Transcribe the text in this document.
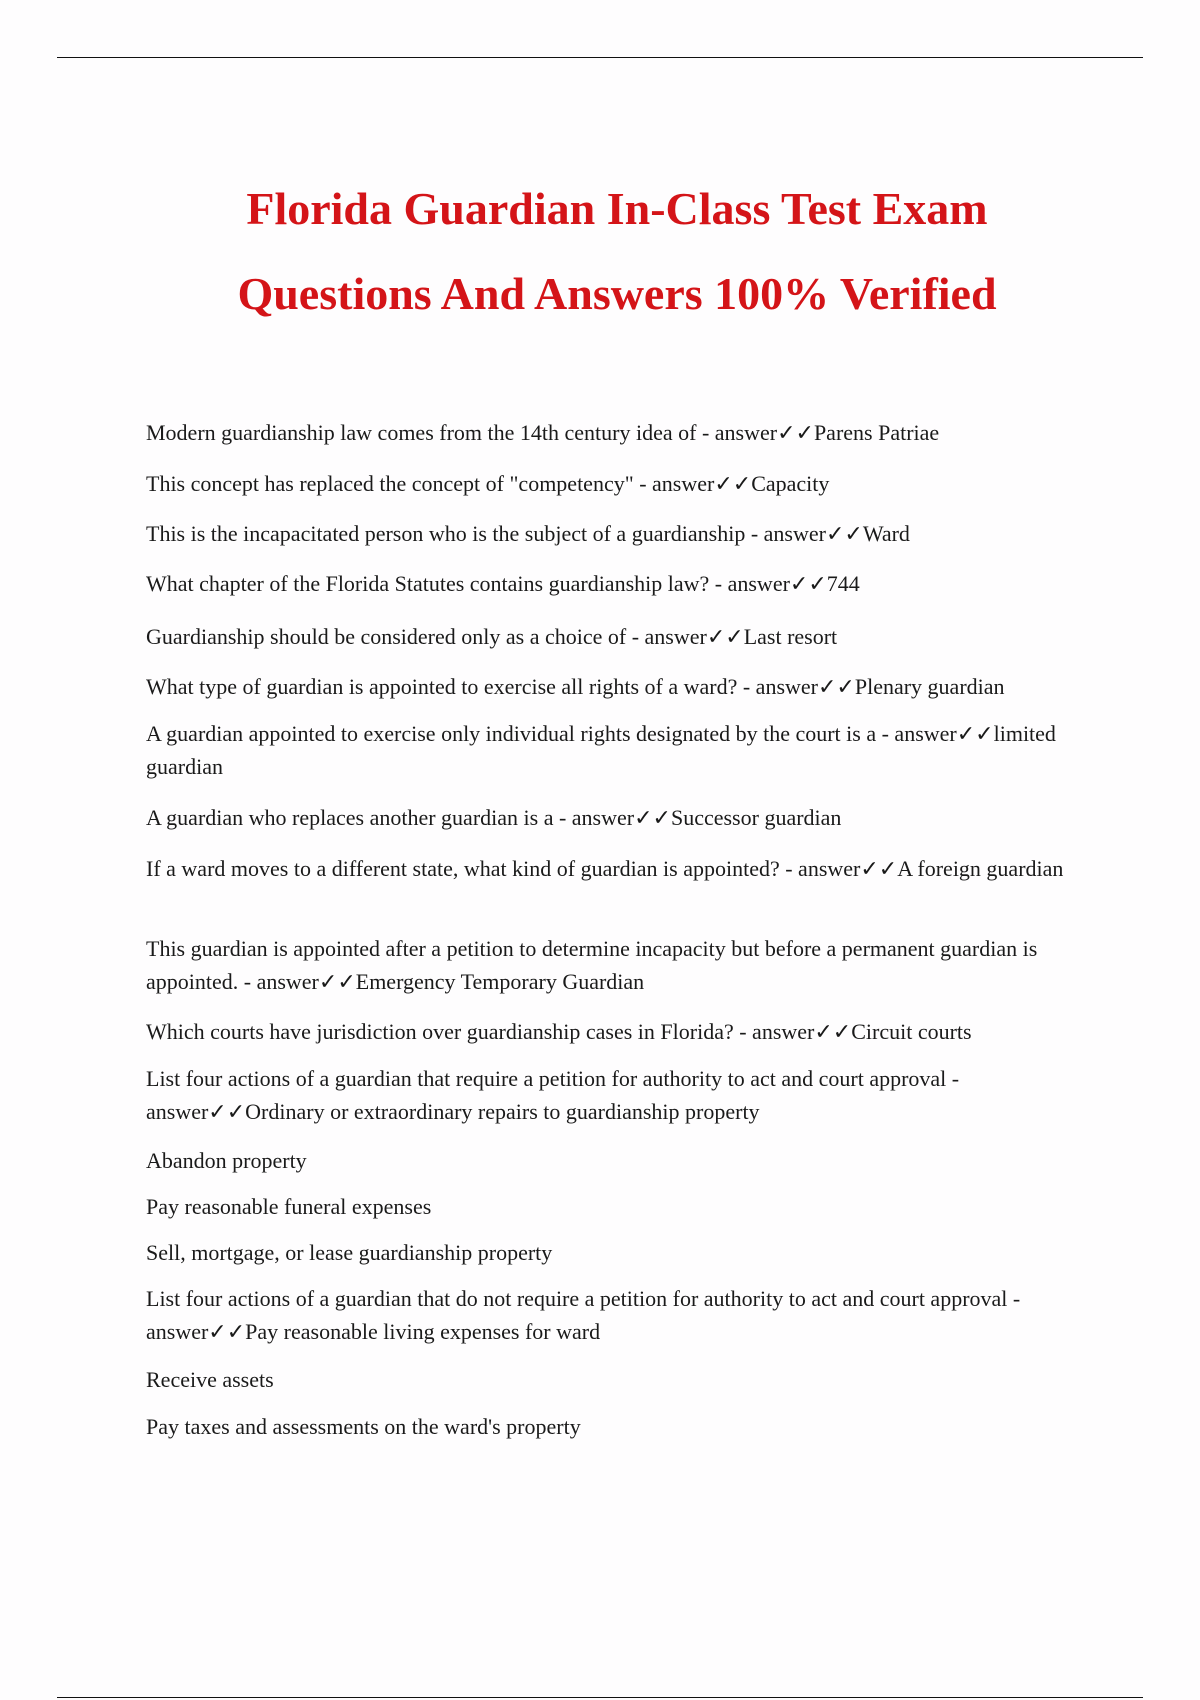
Florida Guardian In-Class Test Exam
Questions And Answers 100% Verified
Modern guardianship law comes from the 14th century idea of - answer✓✓Parens Patriae
This concept has replaced the concept of "competency" - answer✓✓Capacity
This is the incapacitated person who is the subject of a guardianship - answer✓✓Ward
What chapter of the Florida Statutes contains guardianship law? - answer✓✓744
Guardianship should be considered only as a choice of - answer✓✓Last resort
What type of guardian is appointed to exercise all rights of a ward? - answer✓✓Plenary guardian
A guardian appointed to exercise only individual rights designated by the court is a - answer✓✓limited guardian
A guardian who replaces another guardian is a - answer✓✓Successor guardian
If a ward moves to a different state, what kind of guardian is appointed? - answer✓✓A foreign guardian
This guardian is appointed after a petition to determine incapacity but before a permanent guardian is appointed. - answer✓✓Emergency Temporary Guardian
Which courts have jurisdiction over guardianship cases in Florida? - answer✓✓Circuit courts
List four actions of a guardian that require a petition for authority to act and court approval - answer✓✓Ordinary or extraordinary repairs to guardianship property
Abandon property
Pay reasonable funeral expenses
Sell, mortgage, or lease guardianship property
List four actions of a guardian that do not require a petition for authority to act and court approval - answer✓✓Pay reasonable living expenses for ward
Receive assets
Pay taxes and assessments on the ward's property
